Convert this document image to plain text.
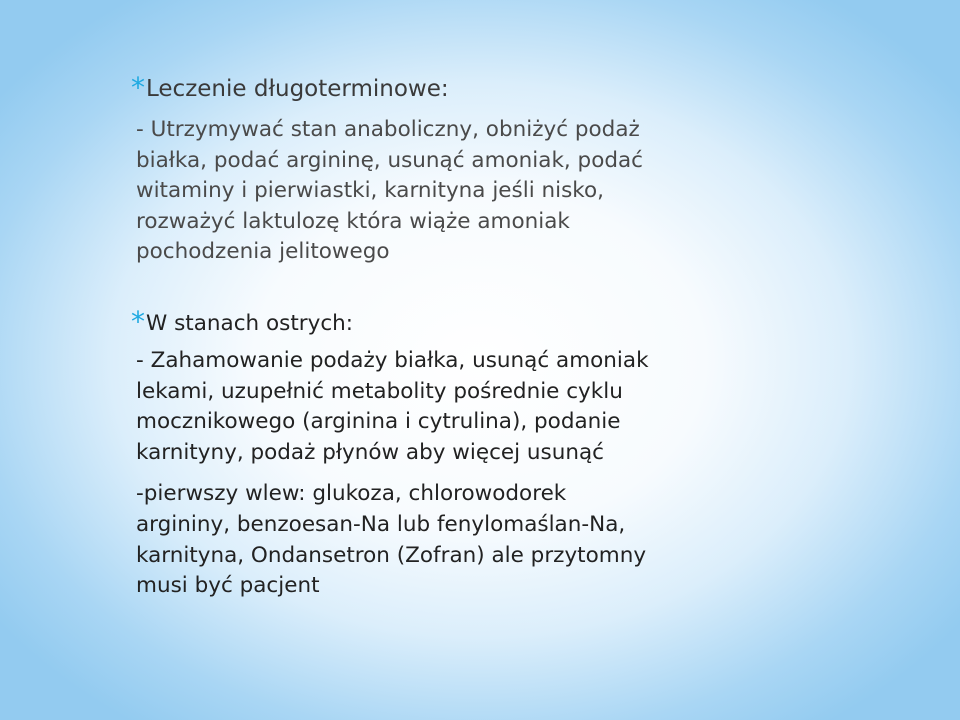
*Leczenie długoterminowe:

- Utrzymywać stan anaboliczny, obniżyć podaż
białka, podać argininę, usunąć amoniak, podać
witaminy i pierwiastki, karnityna jeśli nisko,
rozważyć laktulozę która wiąże amoniak
pochodzenia jelitowego

*W stanach ostrych:

- Zahamowanie podaży białka, usunąć amoniak
lekami, uzupełnić metabolity pośrednie cyklu
mocznikowego (arginina i cytrulina), podanie
karnityny, podaż płynów aby więcej usunąć

-pierwszy wlew: glukoza, chlorowodorek
argininy, benzoesan-Na lub fenylomaślan-Na,
karnityna, Ondansetron (Zofran) ale przytomny
musi być pacjent
